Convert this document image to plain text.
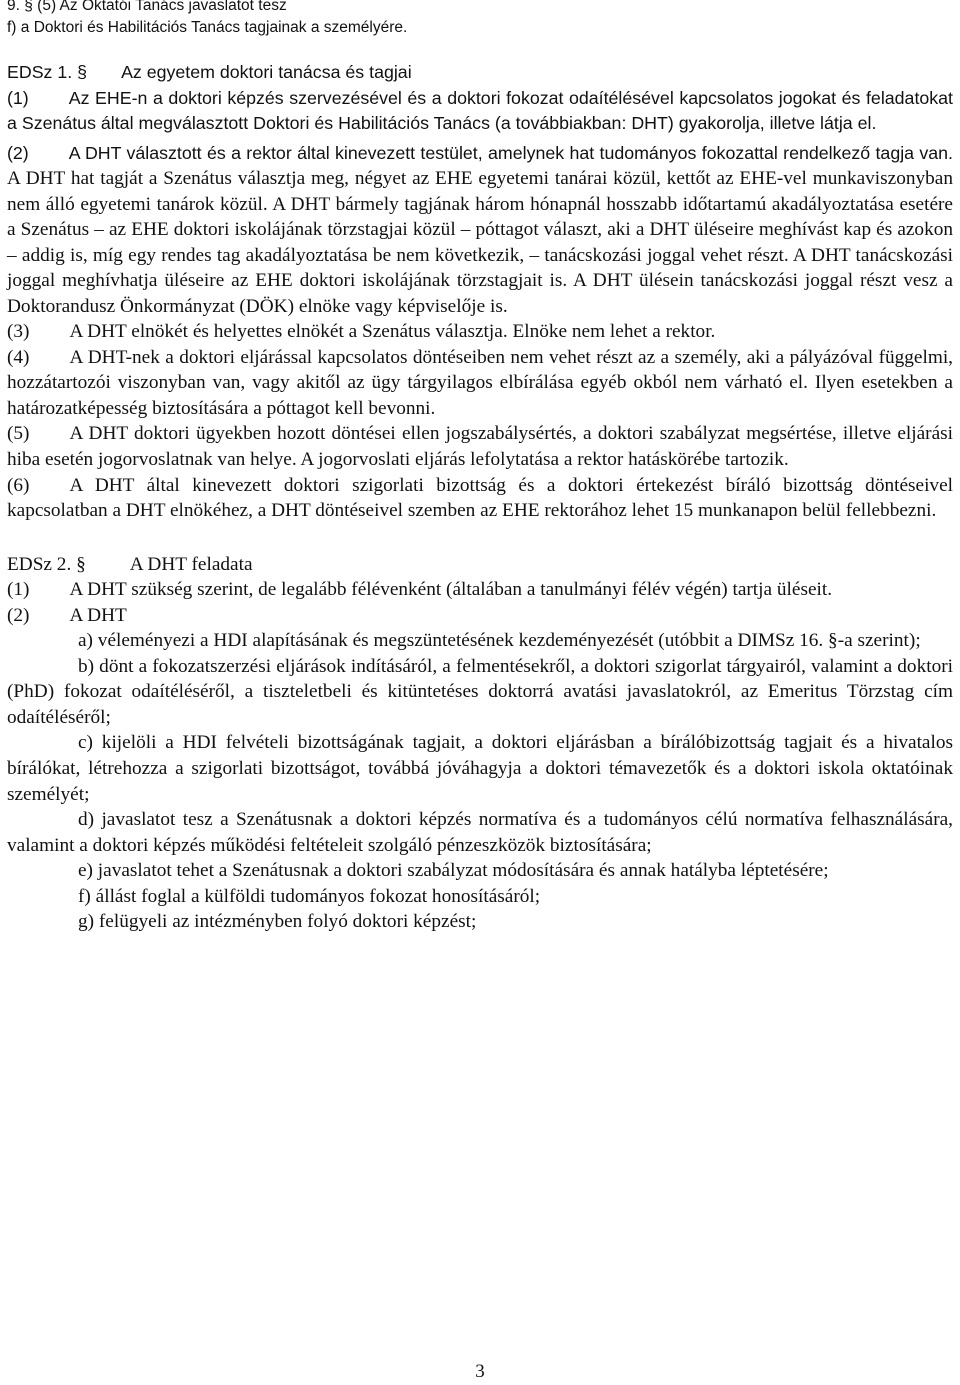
9. § (5) Az Oktatói Tanács javaslatot tesz

f) a Doktori és Habilitációs Tanács tagjainak a személyére.

EDSz 1. § Az egyetem doktori tanácsa és tagjai

(1) Az EHE-n a doktori képzés szervezésével és a doktori fokozat odaítélésével kapcsolatos jogokat és feladatokat a Szenátus által megválasztott Doktori és Habilitációs Tanács (a továbbiakban: DHT) gyakorolja, illetve látja el.

(2) A DHT választott és a rektor által kinevezett testület, amelynek hat tudományos fokozattal rendelkező tagja van. A DHT hat tagját a Szenátus választja meg, négyet az EHE egyetemi tanárai közül, kettőt az EHE-vel munkaviszonyban nem álló egyetemi tanárok közül. A DHT bármely tagjának három hónapnál hosszabb időtartamú akadályoztatása esetére a Szenátus – az EHE doktori iskolájának törzstagjai közül – póttagot választ, aki a DHT üléseire meghívást kap és azokon – addig is, míg egy rendes tag akadályoztatása be nem következik, – tanácskozási joggal vehet részt. A DHT tanácskozási joggal meghívhatja üléseire az EHE doktori iskolájának törzstagjait is. A DHT ülésein tanácskozási joggal részt vesz a Doktorandusz Önkormányzat (DÖK) elnöke vagy képviselője is.

(3) A DHT elnökét és helyettes elnökét a Szenátus választja. Elnöke nem lehet a rektor.

(4) A DHT-nek a doktori eljárással kapcsolatos döntéseiben nem vehet részt az a személy, aki a pályázóval függelmi, hozzátartozói viszonyban van, vagy akitől az ügy tárgyilagos elbírálása egyéb okból nem várható el. Ilyen esetekben a határozatképesség biztosítására a póttagot kell bevonni.

(5) A DHT doktori ügyekben hozott döntései ellen jogszabálysértés, a doktori szabályzat megsértése, illetve eljárási hiba esetén jogorvoslatnak van helye. A jogorvoslati eljárás lefolytatása a rektor hatáskörébe tartozik.

(6) A DHT által kinevezett doktori szigorlati bizottság és a doktori értekezést bíráló bizottság döntéseivel kapcsolatban a DHT elnökéhez, a DHT döntéseivel szemben az EHE rektorához lehet 15 munkanapon belül fellebbezni.

EDSz 2. § A DHT feladata

(1) A DHT szükség szerint, de legalább félévenként (általában a tanulmányi félév végén) tartja üléseit.

(2) A DHT

a) véleményezi a HDI alapításának és megszüntetésének kezdeményezését (utóbbit a DIMSz 16. §-a szerint);

b) dönt a fokozatszerzési eljárások indításáról, a felmentésekről, a doktori szigorlat tárgyairól, valamint a doktori (PhD) fokozat odaítéléséről, a tiszteletbeli és kitüntetéses doktorrá avatási javaslatokról, az Emeritus Törzstag cím odaítéléséről;

c) kijelöli a HDI felvételi bizottságának tagjait, a doktori eljárásban a bírálóbizottság tagjait és a hivatalos bírálókat, létrehozza a szigorlati bizottságot, továbbá jóváhagyja a doktori témavezetők és a doktori iskola oktatóinak személyét;

d) javaslatot tesz a Szenátusnak a doktori képzés normatíva és a tudományos célú normatíva felhasználására, valamint a doktori képzés működési feltételeit szolgáló pénzeszközök biztosítására;

e) javaslatot tehet a Szenátusnak a doktori szabályzat módosítására és annak hatályba léptetésére;

f) állást foglal a külföldi tudományos fokozat honosításáról;

g) felügyeli az intézményben folyó doktori képzést;

3
